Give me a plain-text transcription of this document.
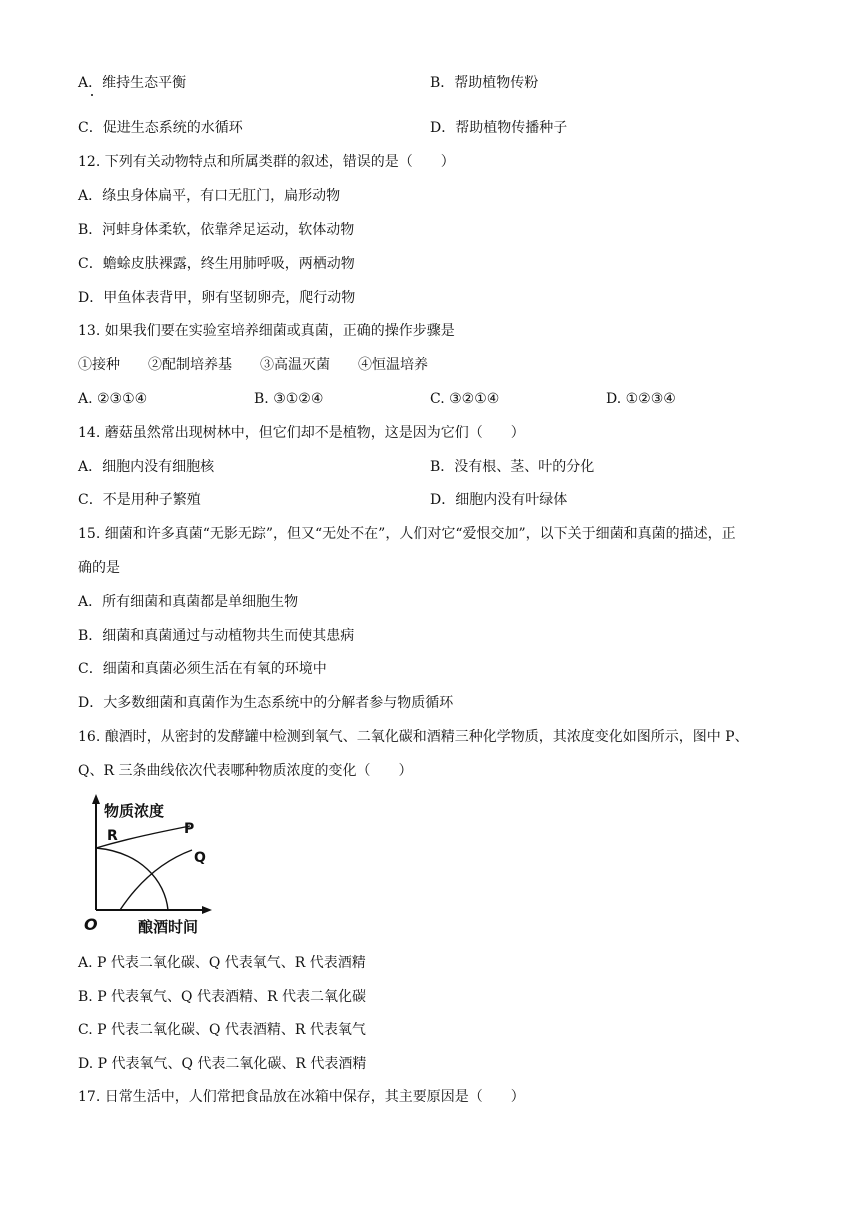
A．维持生态平衡	B．帮助植物传粉
C．促进生态系统的水循环	D．帮助植物传播种子
12. 下列有关动物特点和所属类群的叙述，错误的是（　　）
A．绦虫身体扁平，有口无肛门，扁形动物
B．河蚌身体柔软，依靠斧足运动，软体动物
C．蟾蜍皮肤裸露，终生用肺呼吸，两栖动物
D．甲鱼体表背甲，卵有坚韧卵壳，爬行动物
13. 如果我们要在实验室培养细菌或真菌，正确的操作步骤是
①接种　　②配制培养基　　③高温灭菌　　④恒温培养
A. ②③①④	B. ③①②④	C. ③②①④	D. ①②③④
14. 蘑菇虽然常出现树林中，但它们却不是植物，这是因为它们（　　）
A．细胞内没有细胞核	B．没有根、茎、叶的分化
C．不是用种子繁殖	D．细胞内没有叶绿体
15. 细菌和许多真菌“无影无踪”，但又“无处不在”，人们对它“爱恨交加”，以下关于细菌和真菌的描述，正
确的是
A．所有细菌和真菌都是单细胞生物
B．细菌和真菌通过与动植物共生而使其患病
C．细菌和真菌必须生活在有氧的环境中
D．大多数细菌和真菌作为生态系统中的分解者参与物质循环
16. 酿酒时，从密封的发酵罐中检测到氧气、二氧化碳和酒精三种化学物质，其浓度变化如图所示，图中 P、
Q、R 三条曲线依次代表哪种物质浓度的变化（　　）
物质浓度
R	P
Q
O	酿酒时间
A. P 代表二氧化碳、Q 代表氧气、R 代表酒精
B. P 代表氧气、Q 代表酒精、R 代表二氧化碳
C. P 代表二氧化碳、Q 代表酒精、R 代表氧气
D. P 代表氧气、Q 代表二氧化碳、R 代表酒精
17. 日常生活中，人们常把食品放在冰箱中保存，其主要原因是（　　）
